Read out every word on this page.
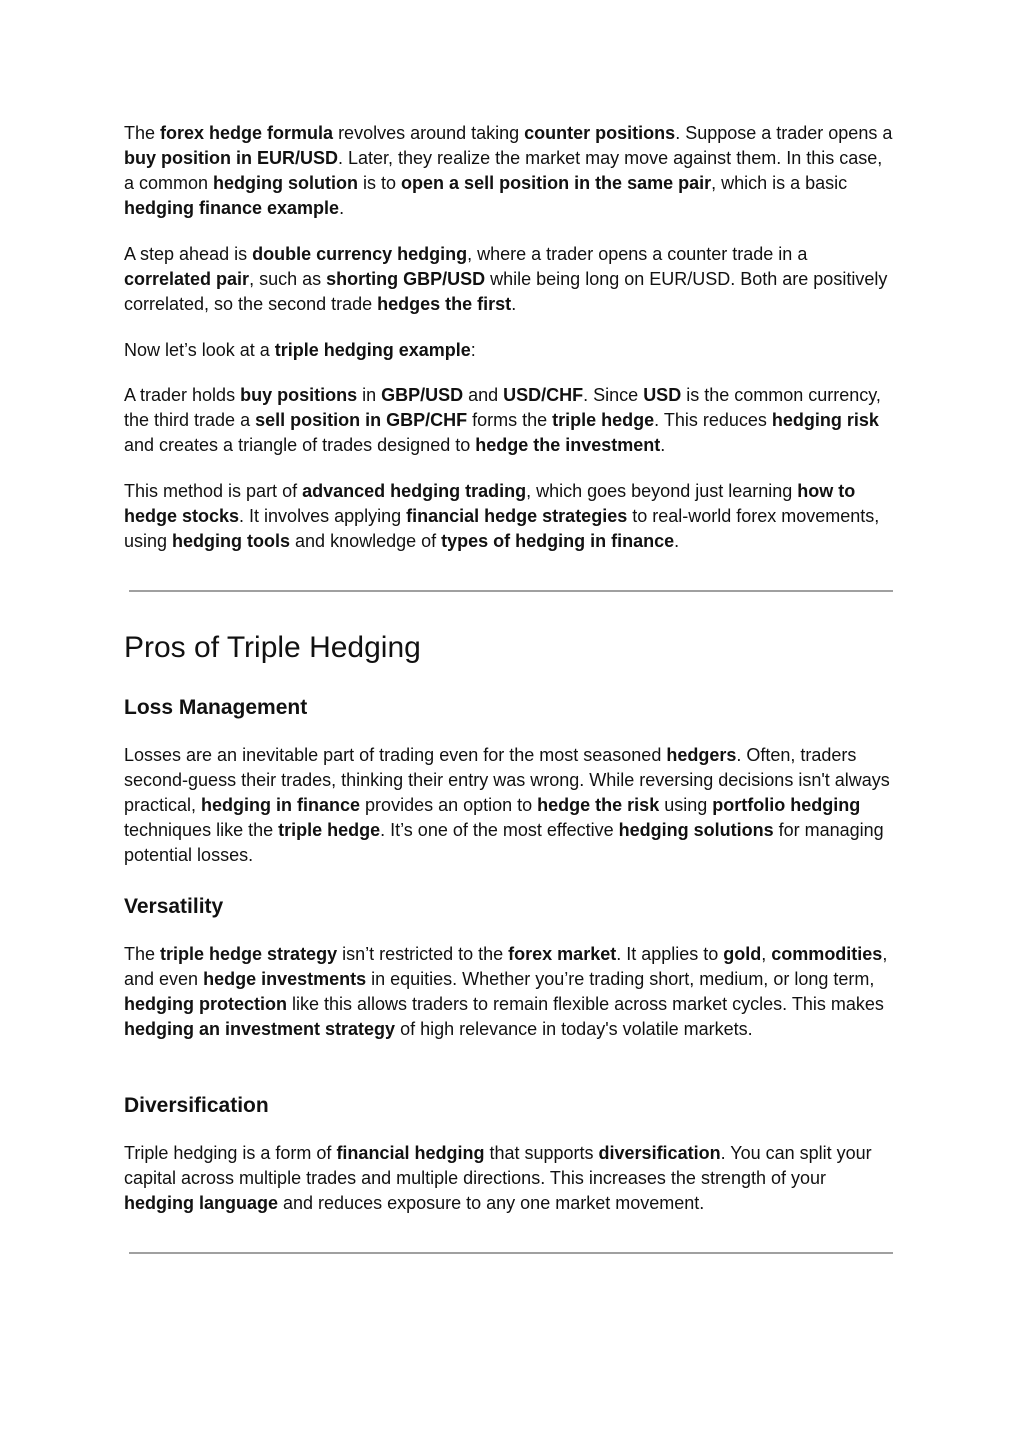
The forex hedge formula revolves around taking counter positions. Suppose a trader opens a buy position in EUR/USD. Later, they realize the market may move against them. In this case, a common hedging solution is to open a sell position in the same pair, which is a basic hedging finance example.

A step ahead is double currency hedging, where a trader opens a counter trade in a correlated pair, such as shorting GBP/USD while being long on EUR/USD. Both are positively correlated, so the second trade hedges the first.

Now let’s look at a triple hedging example:

A trader holds buy positions in GBP/USD and USD/CHF. Since USD is the common currency, the third trade a sell position in GBP/CHF forms the triple hedge. This reduces hedging risk and creates a triangle of trades designed to hedge the investment.

This method is part of advanced hedging trading, which goes beyond just learning how to hedge stocks. It involves applying financial hedge strategies to real-world forex movements, using hedging tools and knowledge of types of hedging in finance.

Pros of Triple Hedging
Loss Management

Losses are an inevitable part of trading even for the most seasoned hedgers. Often, traders second-guess their trades, thinking their entry was wrong. While reversing decisions isn't always practical, hedging in finance provides an option to hedge the risk using portfolio hedging techniques like the triple hedge. It’s one of the most effective hedging solutions for managing potential losses.

Versatility

The triple hedge strategy isn’t restricted to the forex market. It applies to gold, commodities, and even hedge investments in equities. Whether you’re trading short, medium, or long term, hedging protection like this allows traders to remain flexible across market cycles. This makes hedging an investment strategy of high relevance in today's volatile markets.

Diversification

Triple hedging is a form of financial hedging that supports diversification. You can split your capital across multiple trades and multiple directions. This increases the strength of your hedging language and reduces exposure to any one market movement.
